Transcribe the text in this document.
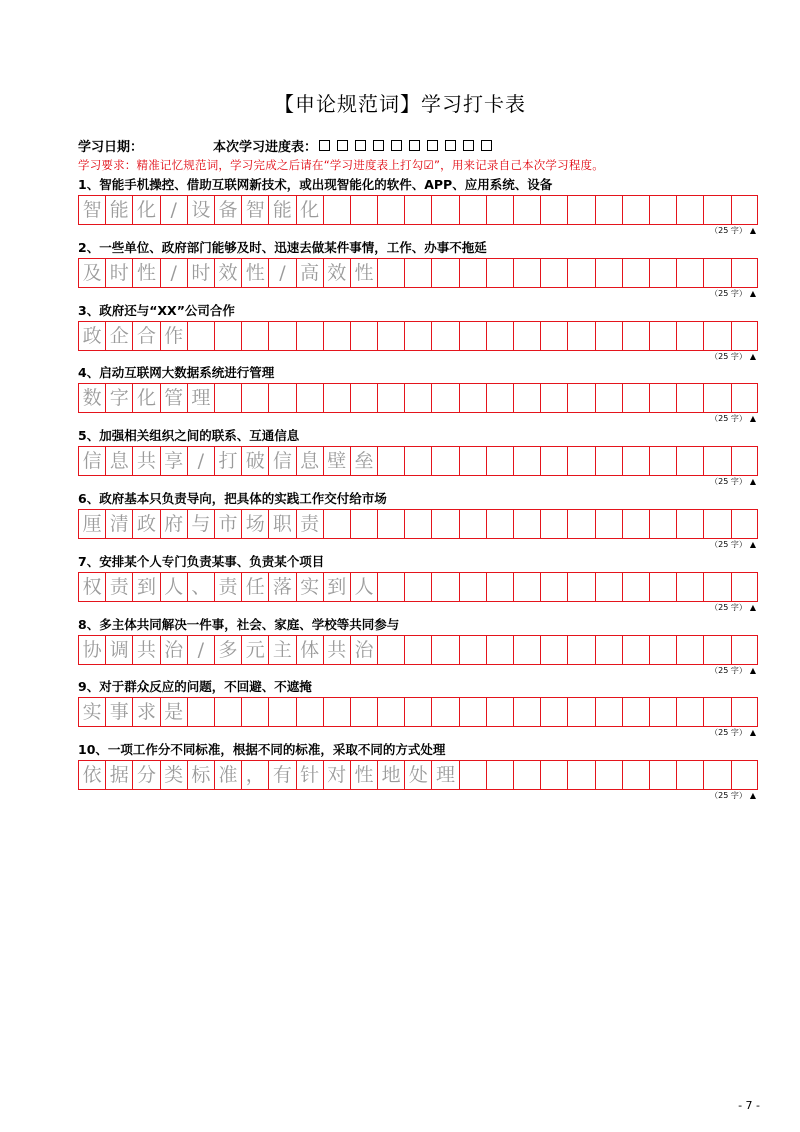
【申论规范词】学习打卡表
学习日期：	本次学习进度表：
学习要求：精准记忆规范词，学习完成之后请在“学习进度表上打勾☑”，用来记录自己本次学习程度。
1、智能手机操控、借助互联网新技术，或出现智能化的软件、APP、应用系统、设备
智 能 化 / 设 备 智 能 化
（25 字） ▲
2、一些单位、政府部门能够及时、迅速去做某件事情，工作、办事不拖延
及 时 性 / 时 效 性 / 高 效 性
（25 字） ▲
3、政府还与“XX”公司合作
政 企 合 作
（25 字） ▲
4、启动互联网大数据系统进行管理
数 字 化 管 理
（25 字） ▲
5、加强相关组织之间的联系、互通信息
信 息 共 享 / 打 破 信 息 壁 垒
（25 字） ▲
6、政府基本只负责导向，把具体的实践工作交付给市场
厘 清 政 府 与 市 场 职 责
（25 字） ▲
7、安排某个人专门负责某事、负责某个项目
权 责 到 人 、 责 任 落 实 到 人
（25 字） ▲
8、多主体共同解决一件事，社会、家庭、学校等共同参与
协 调 共 治 / 多 元 主 体 共 治
（25 字） ▲
9、对于群众反应的问题，不回避、不遮掩
实 事 求 是
（25 字） ▲
10、一项工作分不同标准，根据不同的标准，采取不同的方式处理
依 据 分 类 标 准 ， 有 针 对 性 地 处 理
（25 字） ▲
- 7 -
